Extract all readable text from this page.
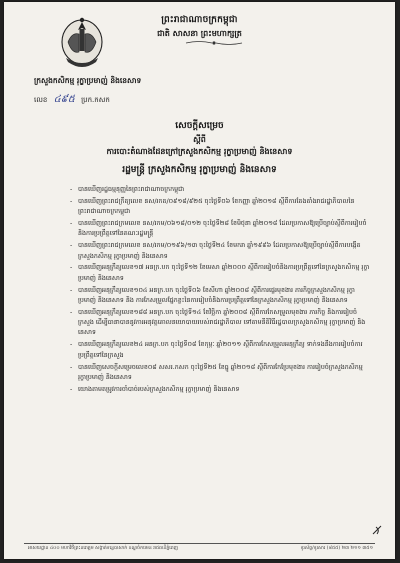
ព្រះរាជាណាចក្រកម្ពុជា
ជាតិ សាសនា ព្រះមហាក្សត្រ
ក្រសួងកសិកម្ម រុក្ខាប្រមាញ់ និងនេសាទ
លេខ ៤៩៥ ប្រក.កសក
សេចក្តីសម្រេច
ស្តីពី
ការបោះតំណាងដែនក្រៅក្រសួងកសិកម្ម រុក្ខាប្រមាញ់ និងនេសាទ
រដ្ឋមន្ត្រី ក្រសួងកសិកម្ម រុក្ខាប្រមាញ់ និងនេសាទ
- បានឃើញរដ្ឋធម្មនុញ្ញនៃព្រះរាជាណាចក្រកម្ពុជា
- បានឃើញព្រះរាជក្រឹត្យលេខ នស/រកត/០៩១៨/៩២៥ ចុះថ្ងៃទី០៦ ខែកញ្ញា ឆ្នាំ២០១៨ ស្តីពីការតែងតាំងរាជរដ្ឋាភិបាលនៃព្រះរាជាណាចក្រកម្ពុជា
- បានឃើញព្រះរាជក្រមលេខ នស/រកម/០៦១៨/០១២ ចុះថ្ងៃទី២៨ ខែមិថុនា ឆ្នាំ២០១៨ ដែលប្រកាសឱ្យប្រើច្បាប់ស្តីពីការរៀបចំនិងការប្រព្រឹត្តទៅនៃគណៈរដ្ឋមន្ត្រី
- បានឃើញព្រះរាជក្រមលេខ នស/រកម/០១៩៦/១៣ ចុះថ្ងៃទី២៤ ខែមករា ឆ្នាំ១៩៩៦ ដែលប្រកាសឱ្យប្រើច្បាប់ស្តីពីការបង្កើតក្រសួងកសិកម្ម រុក្ខាប្រមាញ់ និងនេសាទ
- បានឃើញអនុក្រឹត្យលេខ១៧ អនក្រ.បក ចុះថ្ងៃទី១២ ខែមេសា ឆ្នាំ២០០០ ស្តីពីការរៀបចំនិងការប្រព្រឹត្តទៅនៃក្រសួងកសិកម្ម រុក្ខាប្រមាញ់ និងនេសាទ
- បានឃើញអនុក្រឹត្យលេខ១០៤ អនក្រ.បក ចុះថ្ងៃទី០៦ ខែសីហា ឆ្នាំ២០០៨ ស្តីពីការផ្ទេរមុខងារ ភារកិច្ចក្រសួងកសិកម្ម រុក្ខាប្រមាញ់ និងនេសាទ និង ការកែសម្រួលផ្នែកខ្លះនៃការរៀបចំនិងការប្រព្រឹត្តទៅនៃក្រសួងកសិកម្ម រុក្ខាប្រមាញ់ និងនេសាទ
- បានឃើញអនុក្រឹត្យលេខ១៨៨ អនក្រ.បក ចុះថ្ងៃទី១៤ ខែវិច្ឆិកា ឆ្នាំ២០០៨ ស្តីពីការកែសម្រួលមុខងារ ភារកិច្ច និងការរៀបចំក្រសួង ដើម្បីធានាបាននូវការអនុវត្តគោលនយោបាយរបស់រាជរដ្ឋាភិបាល ទៅតាមនីតិវិធីរដ្ឋបាលក្រសួងកសិកម្ម រុក្ខាប្រមាញ់ និងនេសាទ
- បានឃើញអនុក្រឹត្យលេខ២៤ អនក្រ.បក ចុះថ្ងៃទី០៨ ខែកុម្ភៈ ឆ្នាំ២០១១ ស្តីពីការកែសម្រួលអនុក្រឹត្យ ទាក់ទងនឹងការរៀបចំការប្រព្រឹត្តទៅនៃក្រសួង
- បានឃើញសេចក្តីសម្រេចលេខ០៨ សសរ.កសក ចុះថ្ងៃទី២៥ ខែធ្នូ ឆ្នាំ២០១៨ ស្តីពីការកែប្រែមុខងារ ការរៀបចំក្រសួងកសិកម្ម រុក្ខាប្រមាញ់ និងនេសាទ
- យោងតាមតម្រូវការចាំបាច់របស់ក្រសួងកសិកម្ម រុក្ខាប្រមាញ់ និងនេសាទ
អាសយដ្ឋាន ៤០០ មហាវិថីព្រះនរោត្តម សង្កាត់ទន្លេបាសាក់ ខណ្ឌចំការមន រាជធានីភ្នំពេញ	ទូរស័ព្ទ/ទូរសារ (៨៥៥) ២៣ ២១១ ៣៥១
